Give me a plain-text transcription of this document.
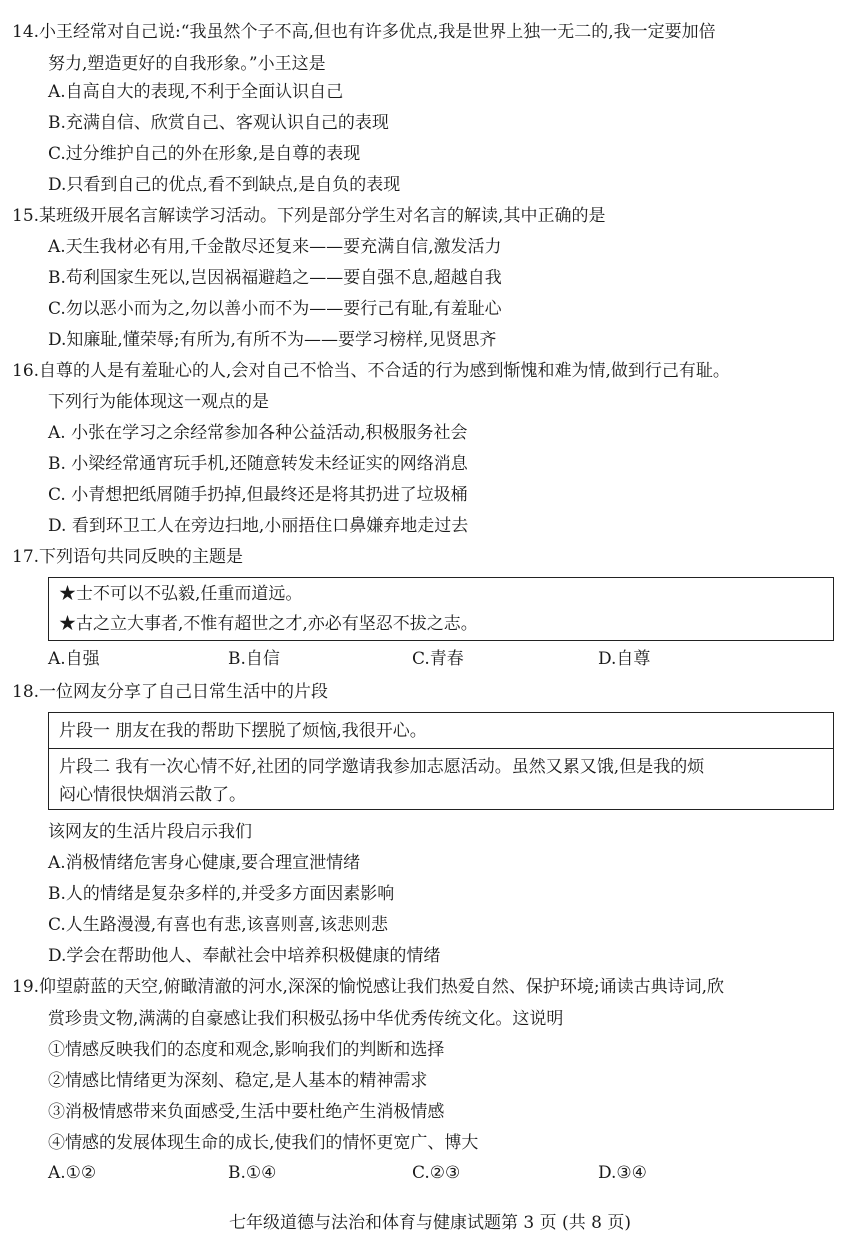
14.小王经常对自己说:“我虽然个子不高,但也有许多优点,我是世界上独一无二的,我一定要加倍
努力,塑造更好的自我形象。”小王这是
A.自高自大的表现,不利于全面认识自己
B.充满自信、欣赏自己、客观认识自己的表现
C.过分维护自己的外在形象,是自尊的表现
D.只看到自己的优点,看不到缺点,是自负的表现
15.某班级开展名言解读学习活动。下列是部分学生对名言的解读,其中正确的是
A.天生我材必有用,千金散尽还复来——要充满自信,激发活力
B.苟利国家生死以,岂因祸福避趋之——要自强不息,超越自我
C.勿以恶小而为之,勿以善小而不为——要行己有耻,有羞耻心
D.知廉耻,懂荣辱;有所为,有所不为——要学习榜样,见贤思齐
16.自尊的人是有羞耻心的人,会对自己不恰当、不合适的行为感到惭愧和难为情,做到行己有耻。
下列行为能体现这一观点的是
A. 小张在学习之余经常参加各种公益活动,积极服务社会
B. 小梁经常通宵玩手机,还随意转发未经证实的网络消息
C. 小青想把纸屑随手扔掉,但最终还是将其扔进了垃圾桶
D. 看到环卫工人在旁边扫地,小丽捂住口鼻嫌弃地走过去
17.下列语句共同反映的主题是
★士不可以不弘毅,任重而道远。
★古之立大事者,不惟有超世之才,亦必有坚忍不拔之志。
A.自强	B.自信	C.青春	D.自尊
18.一位网友分享了自己日常生活中的片段
片段一 朋友在我的帮助下摆脱了烦恼,我很开心。
片段二 我有一次心情不好,社团的同学邀请我参加志愿活动。虽然又累又饿,但是我的烦
闷心情很快烟消云散了。
该网友的生活片段启示我们
A.消极情绪危害身心健康,要合理宣泄情绪
B.人的情绪是复杂多样的,并受多方面因素影响
C.人生路漫漫,有喜也有悲,该喜则喜,该悲则悲
D.学会在帮助他人、奉献社会中培养积极健康的情绪
19.仰望蔚蓝的天空,俯瞰清澈的河水,深深的愉悦感让我们热爱自然、保护环境;诵读古典诗词,欣
赏珍贵文物,满满的自豪感让我们积极弘扬中华优秀传统文化。这说明
①情感反映我们的态度和观念,影响我们的判断和选择
②情感比情绪更为深刻、稳定,是人基本的精神需求
③消极情感带来负面感受,生活中要杜绝产生消极情感
④情感的发展体现生命的成长,使我们的情怀更宽广、博大
A.①②	B.①④	C.②③	D.③④
七年级道德与法治和体育与健康试题第 3 页 (共 8 页)
